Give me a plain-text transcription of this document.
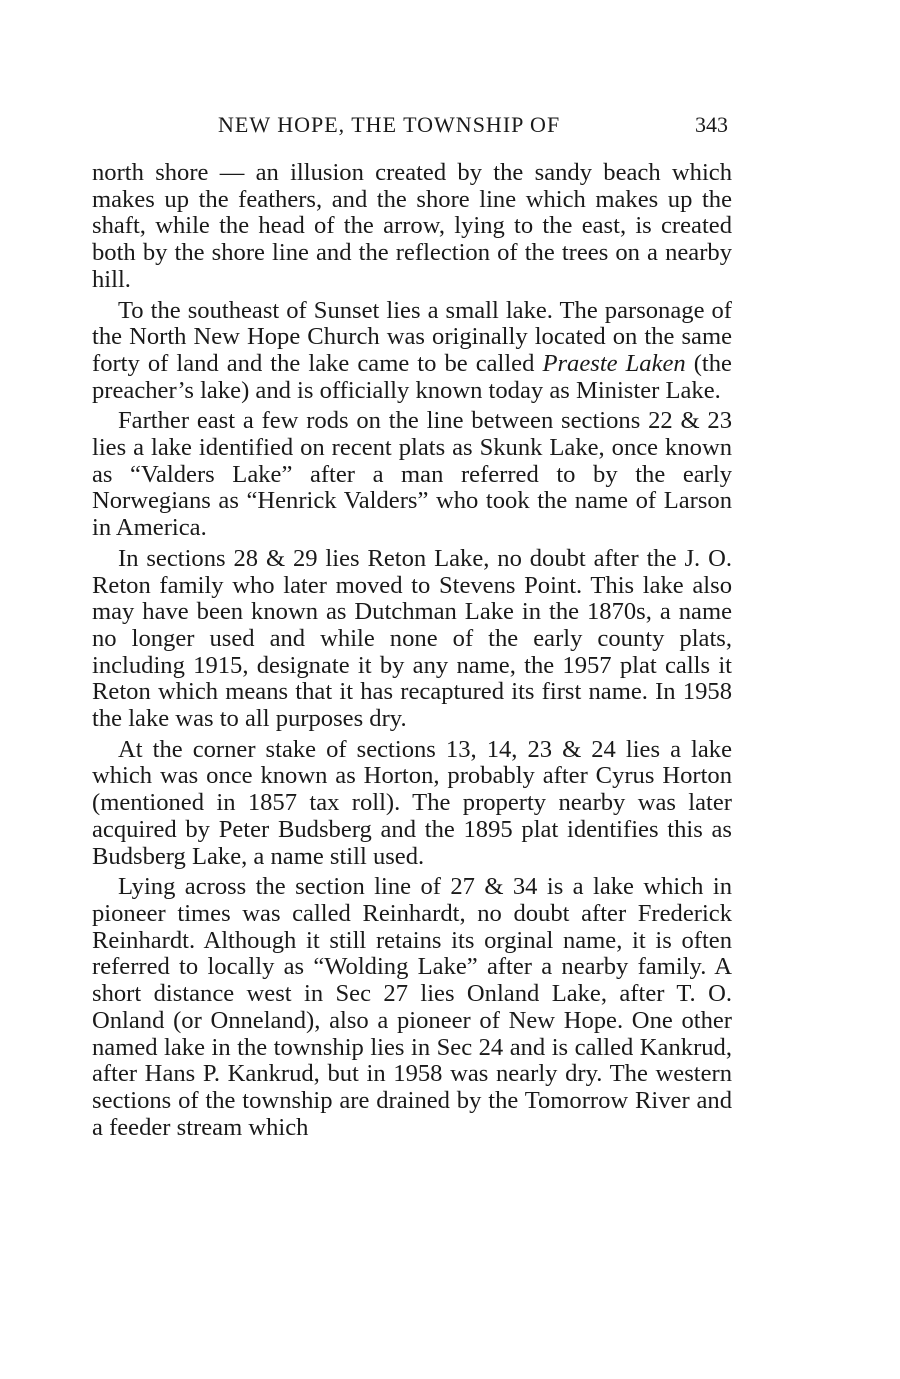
NEW HOPE, THE TOWNSHIP OF	343

north shore — an illusion created by the sandy beach which makes up the feathers, and the shore line which makes up the shaft, while the head of the arrow, lying to the east, is created both by the shore line and the reflection of the trees on a nearby hill.

To the southeast of Sunset lies a small lake. The parsonage of the North New Hope Church was originally located on the same forty of land and the lake came to be called Praeste Laken (the preacher’s lake) and is officially known today as Minister Lake.

Farther east a few rods on the line between sections 22 & 23 lies a lake identified on recent plats as Skunk Lake, once known as “Valders Lake” after a man referred to by the early Norwegians as “Henrick Valders” who took the name of Larson in America.

In sections 28 & 29 lies Reton Lake, no doubt after the J. O. Reton family who later moved to Stevens Point. This lake also may have been known as Dutchman Lake in the 1870s, a name no longer used and while none of the early county plats, including 1915, designate it by any name, the 1957 plat calls it Reton which means that it has recaptured its first name. In 1958 the lake was to all purposes dry.

At the corner stake of sections 13, 14, 23 & 24 lies a lake which was once known as Horton, probably after Cyrus Horton (mentioned in 1857 tax roll). The property nearby was later acquired by Peter Budsberg and the 1895 plat identifies this as Budsberg Lake, a name still used.

Lying across the section line of 27 & 34 is a lake which in pioneer times was called Reinhardt, no doubt after Frederick Reinhardt. Although it still retains its orginal name, it is often referred to locally as “Wolding Lake” after a nearby family. A short distance west in Sec 27 lies Onland Lake, after T. O. Onland (or Onneland), also a pioneer of New Hope. One other named lake in the township lies in Sec 24 and is called Kankrud, after Hans P. Kankrud, but in 1958 was nearly dry. The western sections of the township are drained by the Tomorrow River and a feeder stream which
